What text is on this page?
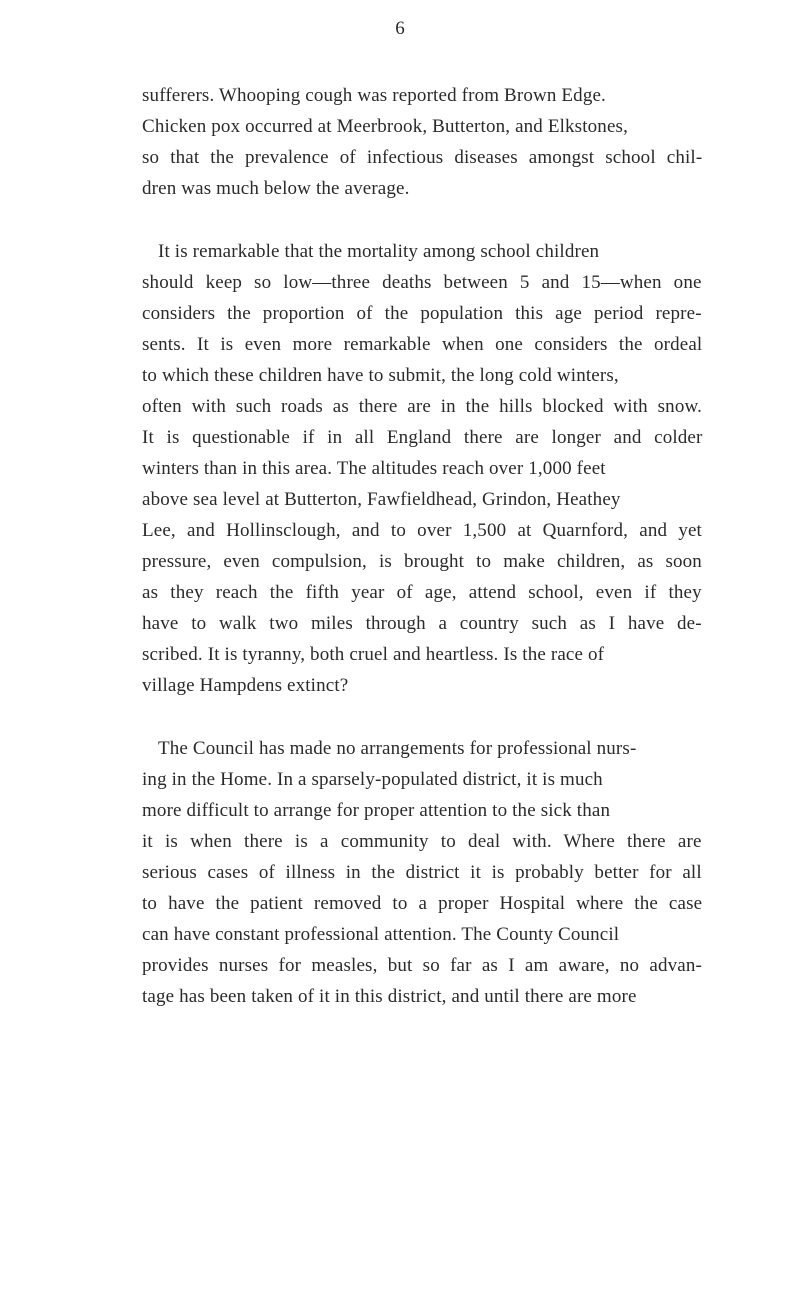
6
sufferers. Whooping cough was reported from Brown Edge.
Chicken pox occurred at Meerbrook, Butterton, and Elkstones,
so that the prevalence of infectious diseases amongst school chil-
dren was much below the average.
It is remarkable that the mortality among school children
should keep so low—three deaths between 5 and 15—when one
considers the proportion of the population this age period repre-
sents. It is even more remarkable when one considers the ordeal
to which these children have to submit, the long cold winters,
often with such roads as there are in the hills blocked with snow.
It is questionable if in all England there are longer and colder
winters than in this area. The altitudes reach over 1,000 feet
above sea level at Butterton, Fawfieldhead, Grindon, Heathey
Lee, and Hollinsclough, and to over 1,500 at Quarnford, and yet
pressure, even compulsion, is brought to make children, as soon
as they reach the fifth year of age, attend school, even if they
have to walk two miles through a country such as I have de-
scribed. It is tyranny, both cruel and heartless. Is the race of
village Hampdens extinct?
The Council has made no arrangements for professional nurs-
ing in the Home. In a sparsely-populated district, it is much
more difficult to arrange for proper attention to the sick than
it is when there is a community to deal with. Where there are
serious cases of illness in the district it is probably better for all
to have the patient removed to a proper Hospital where the case
can have constant professional attention. The County Council
provides nurses for measles, but so far as I am aware, no advan-
tage has been taken of it in this district, and until there are more
